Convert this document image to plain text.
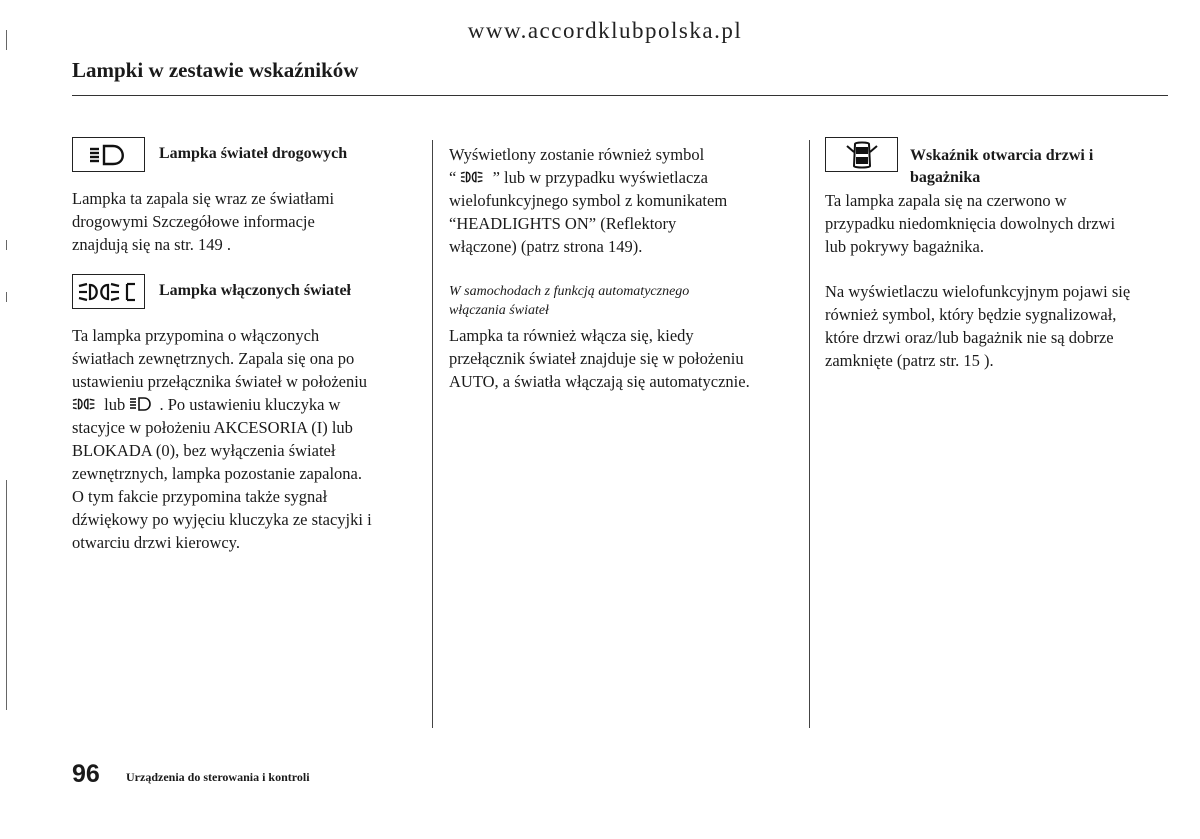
www.accordklubpolska.pl
Lampki w zestawie wskaźników
Lampka świateł drogowych

Lampka ta zapala się wraz ze światłami

drogowymi Szczegółowe informacje

znajdują się na str. 149 .

Lampka włączonych świateł

Ta lampka przypomina o włączonych

światłach zewnętrznych. Zapala się ona po

ustawieniu przełącznika świateł w położeniu

lub . Po ustawieniu kluczyka w

stacyjce w położeniu AKCESORIA (I) lub

BLOKADA (0), bez wyłączenia świateł

zewnętrznych, lampka pozostanie zapalona.

O tym fakcie przypomina także sygnał

dźwiękowy po wyjęciu kluczyka ze stacyjki i

otwarciu drzwi kierowcy.

Wyświetlony zostanie również symbol

“ ” lub w przypadku wyświetlacza

wielofunkcyjnego symbol z komunikatem

“HEADLIGHTS ON” (Reflektory

włączone) (patrz strona 149).

W samochodach z funkcją automatycznego
włączania świateł

Lampka ta również włącza się, kiedy

przełącznik świateł znajduje się w położeniu

AUTO, a światła włączają się automatycznie.

Wskaźnik otwarcia drzwi i
bagażnika

Ta lampka zapala się na czerwono w

przypadku niedomknięcia dowolnych drzwi

lub pokrywy bagażnika.

Na wyświetlaczu wielofunkcyjnym pojawi się

również symbol, który będzie sygnalizował,

które drzwi oraz/lub bagażnik nie są dobrze

zamknięte (patrz str. 15 ).

96 Urządzenia do sterowania i kontroli
